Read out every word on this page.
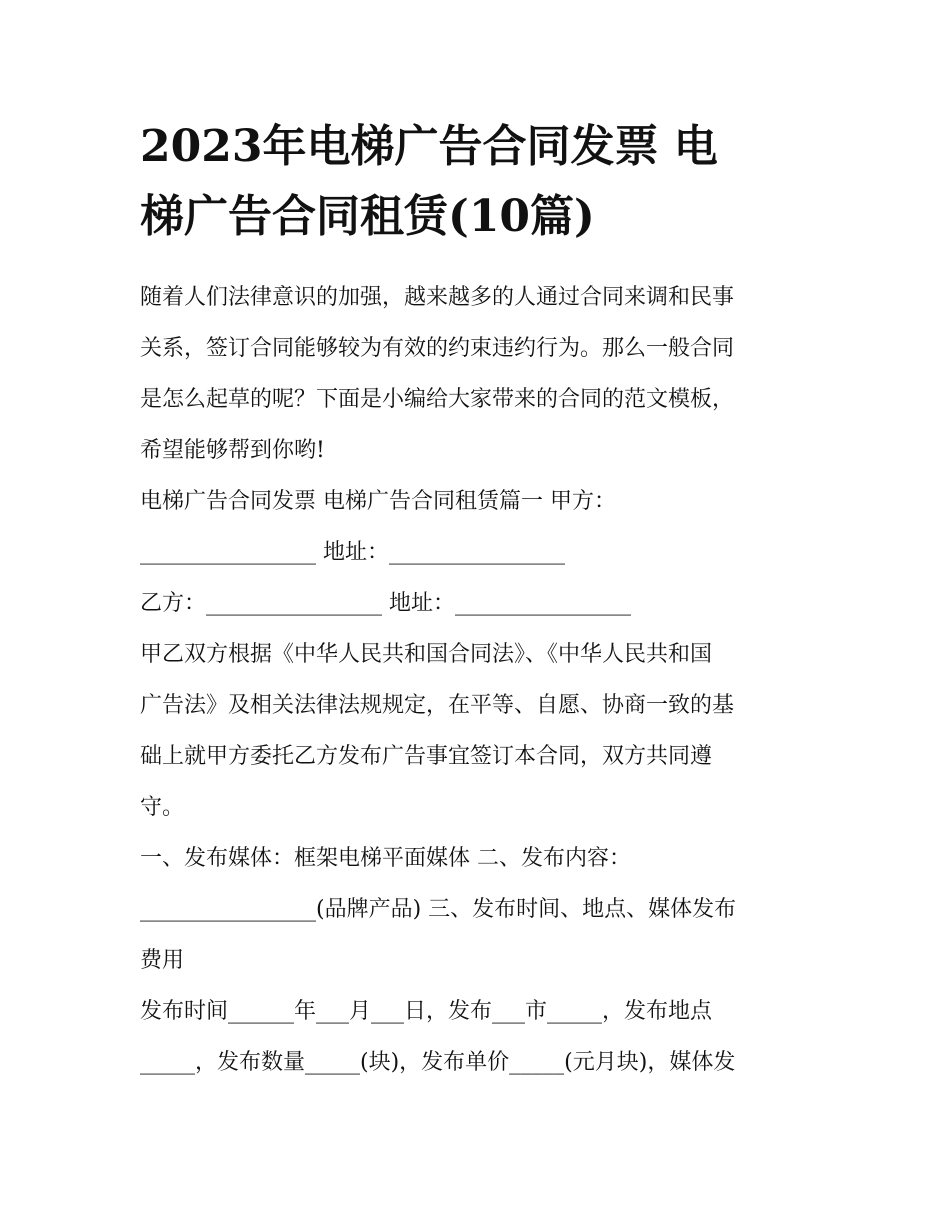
2023年电梯广告合同发票 电
梯广告合同租赁(10篇)
随着人们法律意识的加强，越来越多的人通过合同来调和民事
关系，签订合同能够较为有效的约束违约行为。那么一般合同
是怎么起草的呢？下面是小编给大家带来的合同的范文模板，
希望能够帮到你哟!
电梯广告合同发票 电梯广告合同租赁篇一 甲方：
________________ 地址：________________
乙方：________________ 地址：________________
甲乙双方根据《中华人民共和国合同法》、《中华人民共和国
广告法》及相关法律法规规定，在平等、自愿、协商一致的基
础上就甲方委托乙方发布广告事宜签订本合同，双方共同遵
守。
一、发布媒体：框架电梯平面媒体 二、发布内容：
________________(品牌产品) 三、发布时间、地点、媒体发布
费用
发布时间______年___月___日，发布___市_____，发布地点
_____，发布数量_____(块)，发布单价_____(元月块)，媒体发
